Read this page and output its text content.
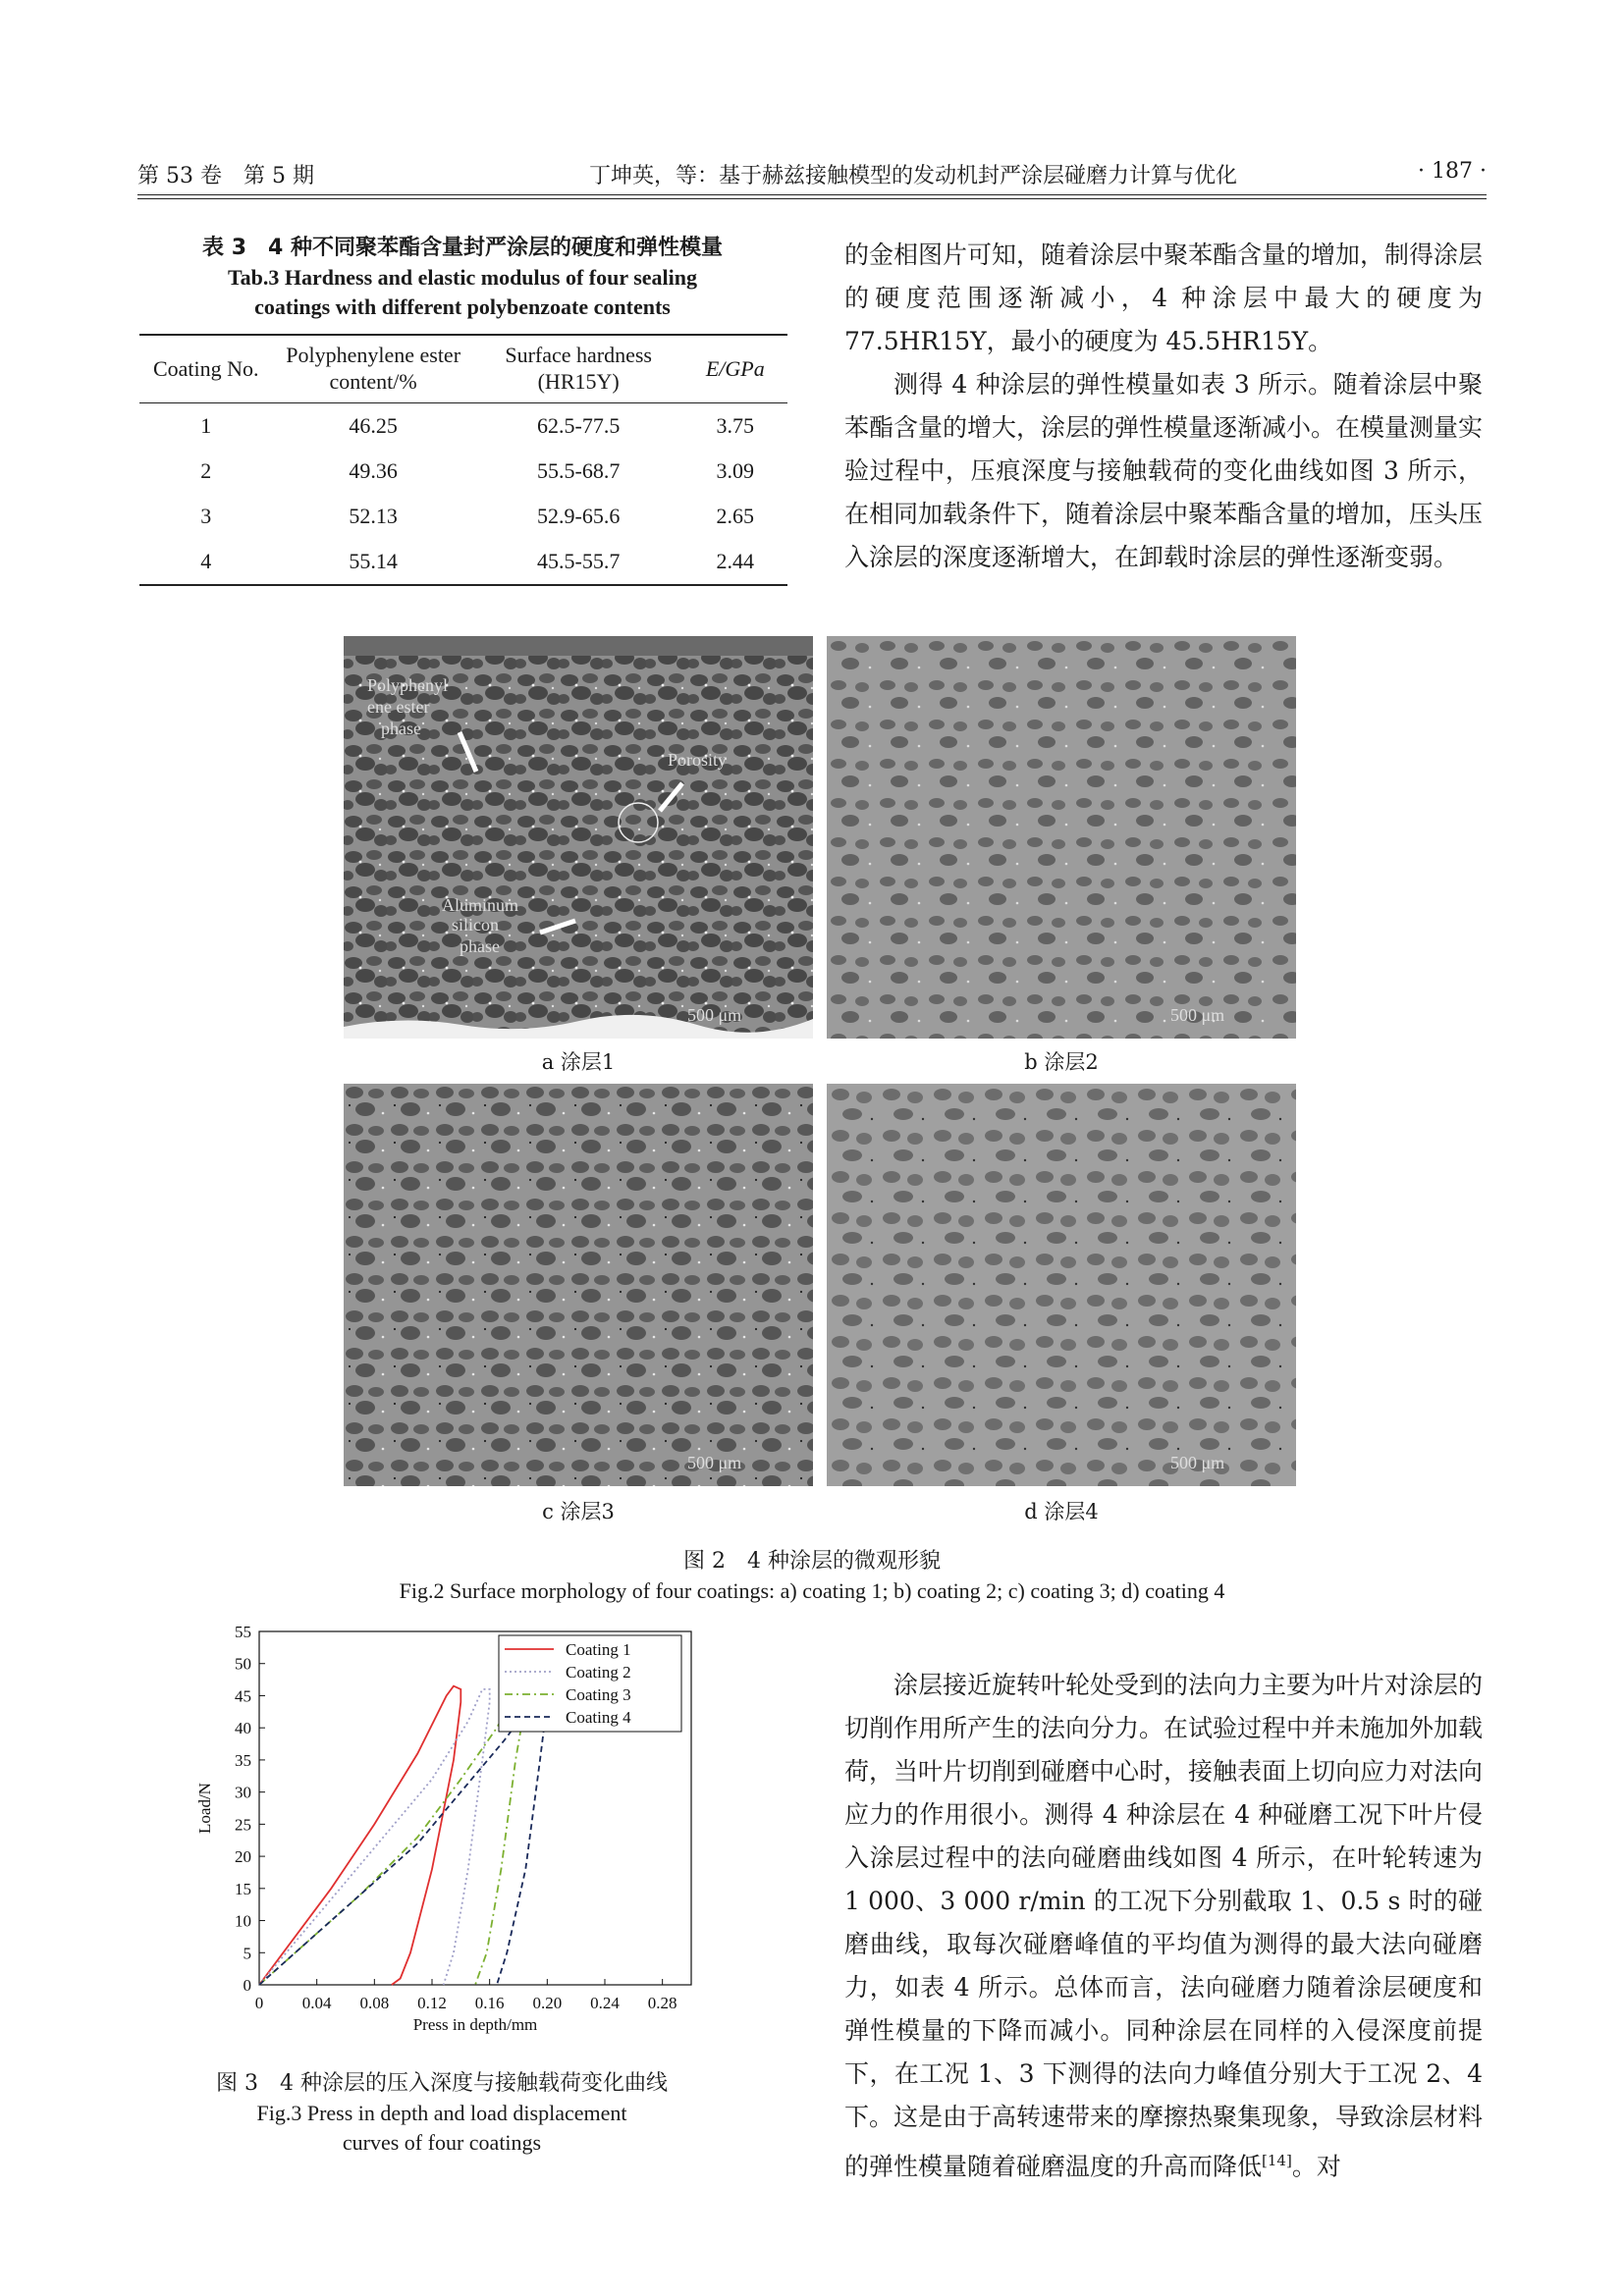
第 53 卷　第 5 期	丁坤英，等：基于赫兹接触模型的发动机封严涂层碰磨力计算与优化	· 187 ·
表 3　4 种不同聚苯酯含量封严涂层的硬度和弹性模量
Tab.3 Hardness and elastic modulus of four sealing
coatings with different polybenzoate contents
Coating No.	Polyphenylene ester content/%	Surface hardness (HR15Y)	E/GPa
1	46.25	62.5-77.5	3.75
2	49.36	55.5-68.7	3.09
3	52.13	52.9-65.6	2.65
4	55.14	45.5-55.7	2.44
的金相图片可知，随着涂层中聚苯酯含量的增加，制得涂层的硬度范围逐渐减小，4 种涂层中最大的硬度为 77.5HR15Y，最小的硬度为 45.5HR15Y。
测得 4 种涂层的弹性模量如表 3 所示。随着涂层中聚苯酯含量的增大，涂层的弹性模量逐渐减小。在模量测量实验过程中，压痕深度与接触载荷的变化曲线如图 3 所示，在相同加载条件下，随着涂层中聚苯酯含量的增加，压头压入涂层的深度逐渐增大，在卸载时涂层的弹性逐渐变弱。
Polyphenyl
ene ester
phase
Porosity
Aluminum
silicon
phase
500 μm	500 μm
a 涂层1	b 涂层2
500 μm	500 μm
c 涂层3	d 涂层4
图 2　4 种涂层的微观形貌
Fig.2 Surface morphology of four coatings: a) coating 1; b) coating 2; c) coating 3; d) coating 4
0
5
10
15
20
25
30
35
40
45
50
55
0 0.04 0.08 0.12 0.16 0.20 0.24 0.28
Coating 1
Coating 2
Coating 3
Coating 4
Press in depth/mm
Load/N
图 3　4 种涂层的压入深度与接触载荷变化曲线
Fig.3 Press in depth and load displacement
curves of four coatings
涂层接近旋转叶轮处受到的法向力主要为叶片对涂层的切削作用所产生的法向分力。在试验过程中并未施加外加载荷，当叶片切削到碰磨中心时，接触表面上切向应力对法向应力的作用很小。测得 4 种涂层在 4 种碰磨工况下叶片侵入涂层过程中的法向碰磨曲线如图 4 所示，在叶轮转速为 1 000、3 000 r/min 的工况下分别截取 1、0.5 s 时的碰磨曲线，取每次碰磨峰值的平均值为测得的最大法向碰磨力，如表 4 所示。总体而言，法向碰磨力随着涂层硬度和弹性模量的下降而减小。同种涂层在同样的入侵深度前提下，在工况 1、3 下测得的法向力峰值分别大于工况 2、4 下。这是由于高转速带来的摩擦热聚集现象，导致涂层材料的弹性模量随着碰磨温度的升高而降低[14]。对
